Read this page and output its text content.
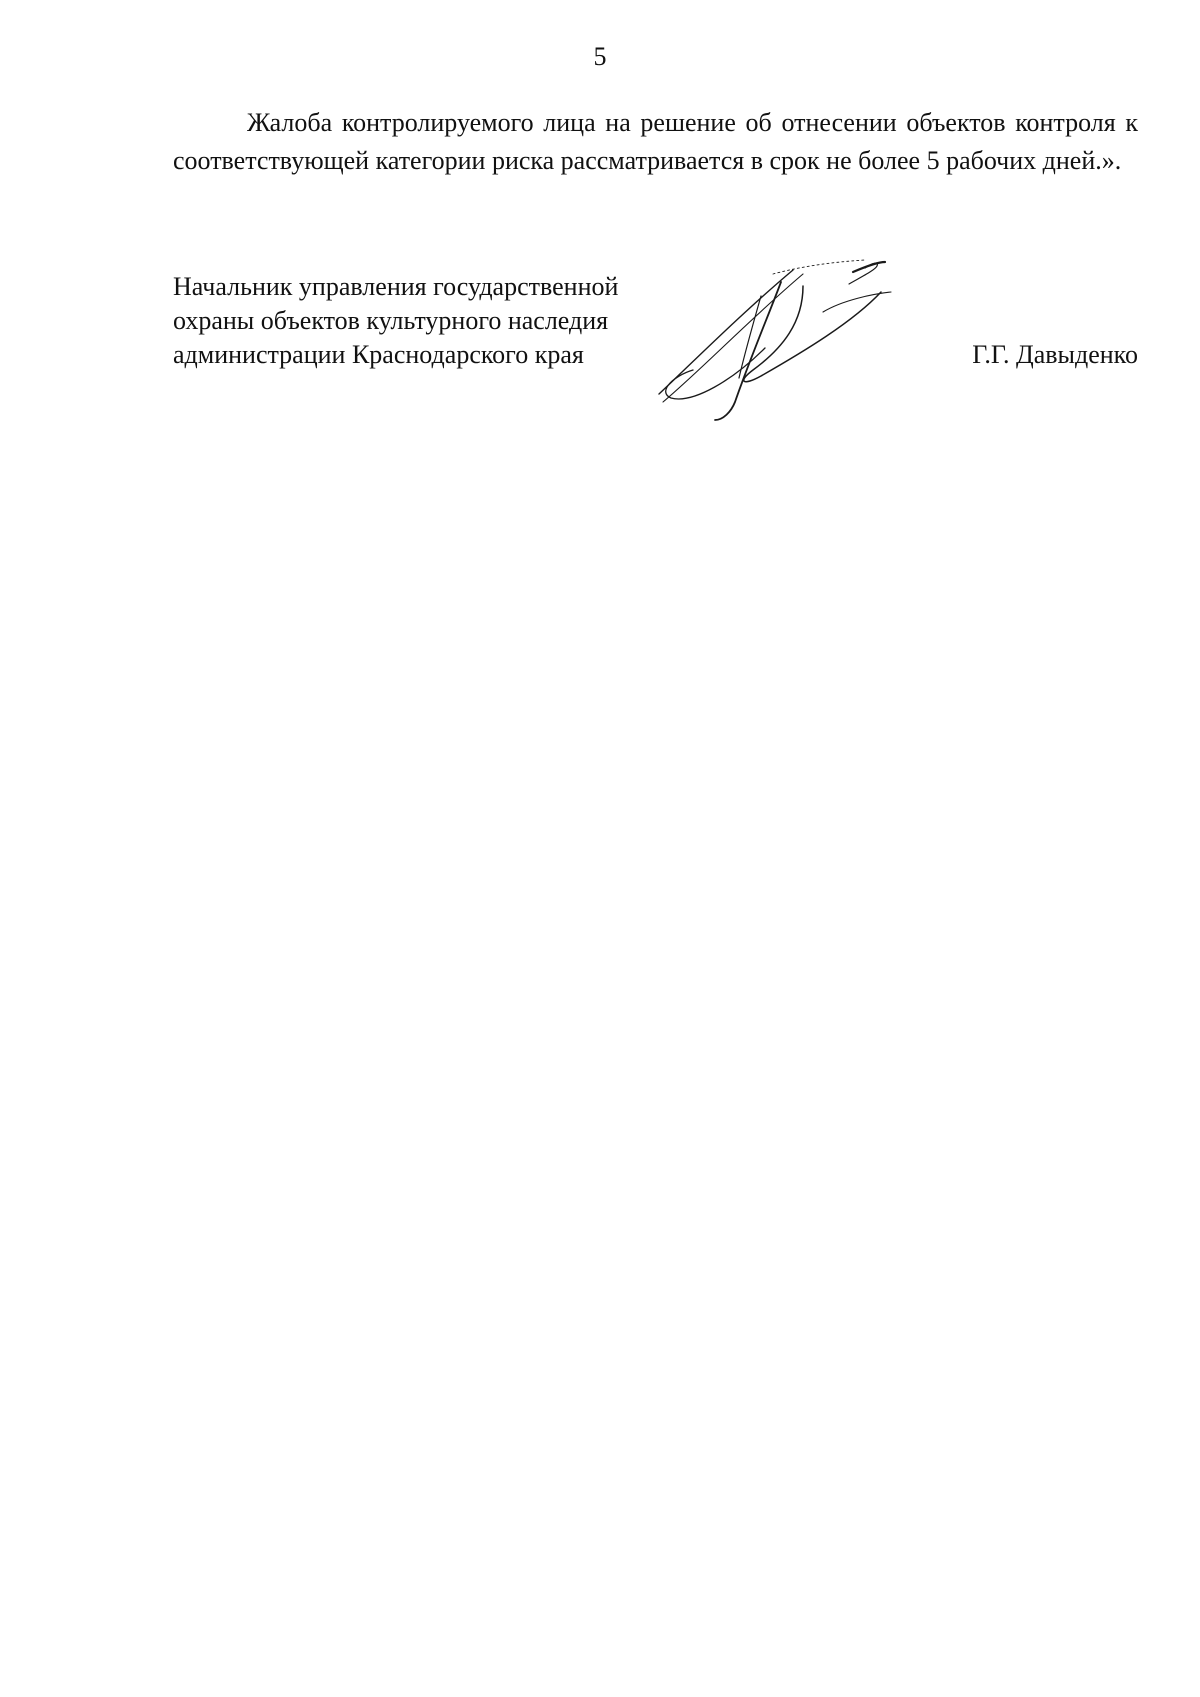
5

Жалоба контролируемого лица на решение об отнесении объектов контроля к соответствующей категории риска рассматривается в срок не более 5 рабочих дней.».

Начальник управления государственной
охраны объектов культурного наследия
администрации Краснодарского края	Г.Г. Давыденко
